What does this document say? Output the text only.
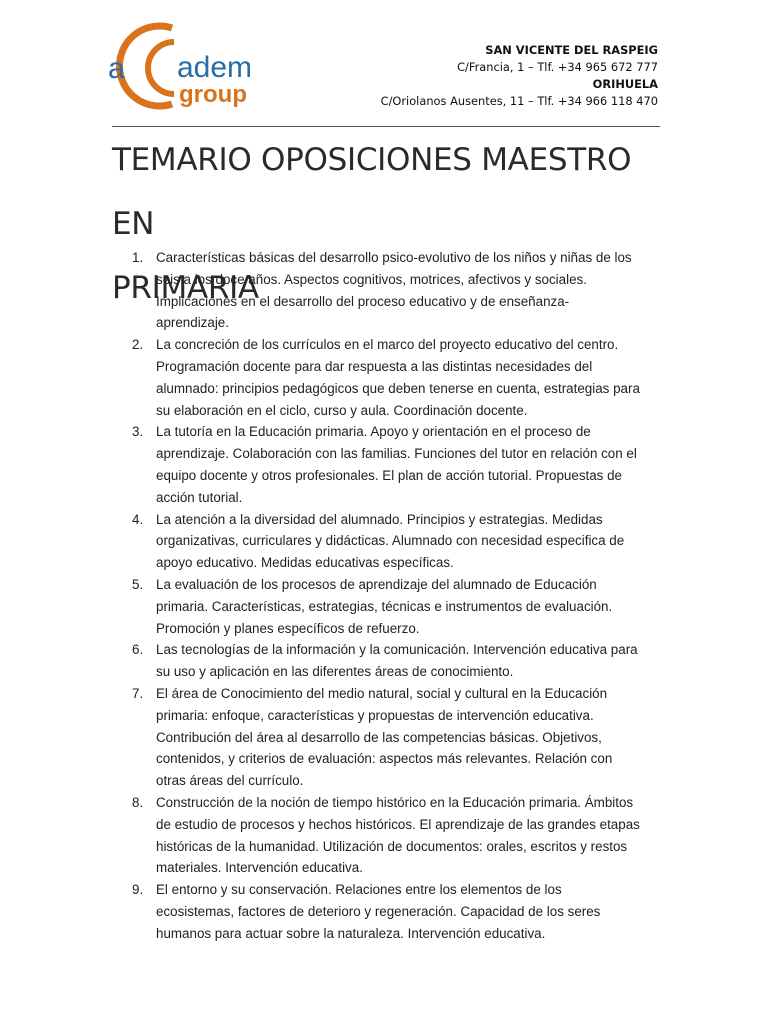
a adem
group
SAN VICENTE DEL RASPEIG
C/Francia, 1 – Tlf. +34 965 672 777
ORIHUELA
C/Oriolanos Ausentes, 11 – Tlf. +34 966 118 470
TEMARIO OPOSICIONES MAESTRO EN
PRIMARIA
1. Características básicas del desarrollo psico-evolutivo de los niños y niñas de los seis a los doce años. Aspectos cognitivos, motrices, afectivos y sociales. Implicaciones en el desarrollo del proceso educativo y de enseñanza-aprendizaje.
2. La concreción de los currículos en el marco del proyecto educativo del centro. Programación docente para dar respuesta a las distintas necesidades del alumnado: principios pedagógicos que deben tenerse en cuenta, estrategias para su elaboración en el ciclo, curso y aula. Coordinación docente.
3. La tutoría en la Educación primaria. Apoyo y orientación en el proceso de aprendizaje. Colaboración con las familias. Funciones del tutor en relación con el equipo docente y otros profesionales. El plan de acción tutorial. Propuestas de acción tutorial.
4. La atención a la diversidad del alumnado. Principios y estrategias. Medidas organizativas, curriculares y didácticas. Alumnado con necesidad especifica de apoyo educativo. Medidas educativas específicas.
5. La evaluación de los procesos de aprendizaje del alumnado de Educación primaria. Características, estrategias, técnicas e instrumentos de evaluación. Promoción y planes específicos de refuerzo.
6. Las tecnologías de la información y la comunicación. Intervención educativa para su uso y aplicación en las diferentes áreas de conocimiento.
7. El área de Conocimiento del medio natural, social y cultural en la Educación primaria: enfoque, características y propuestas de intervención educativa. Contribución del área al desarrollo de las competencias básicas. Objetivos, contenidos, y criterios de evaluación: aspectos más relevantes. Relación con otras áreas del currículo.
8. Construcción de la noción de tiempo histórico en la Educación primaria. Ámbitos de estudio de procesos y hechos históricos. El aprendizaje de las grandes etapas históricas de la humanidad. Utilización de documentos: orales, escritos y restos materiales. Intervención educativa.
9. El entorno y su conservación. Relaciones entre los elementos de los ecosistemas, factores de deterioro y regeneración. Capacidad de los seres humanos para actuar sobre la naturaleza. Intervención educativa.
